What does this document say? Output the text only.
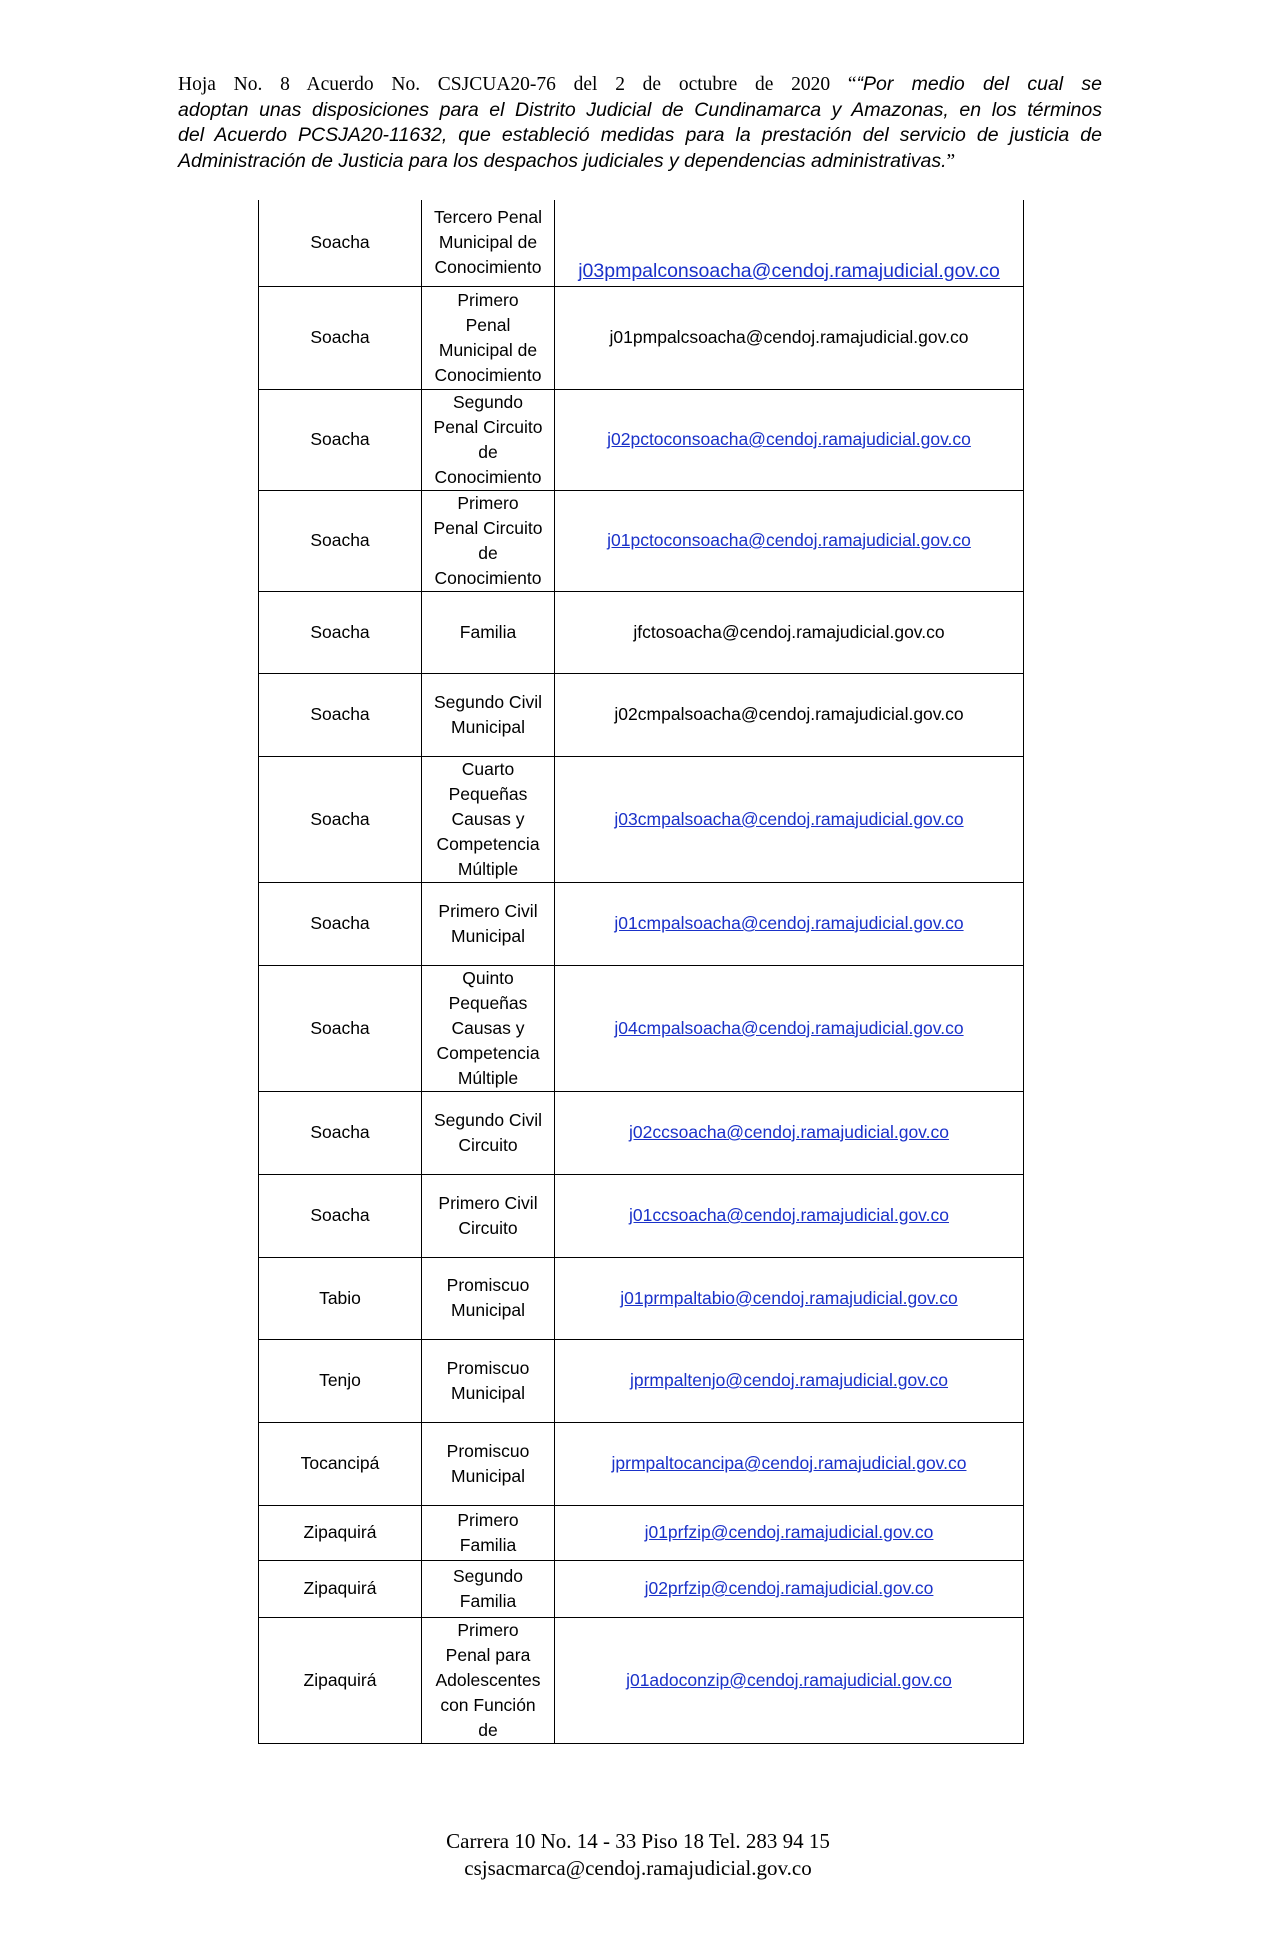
Hoja No. 8 Acuerdo No. CSJCUA20-76 del 2 de octubre de 2020 ““Por medio del cual se
adoptan unas disposiciones para el Distrito Judicial de Cundinamarca y Amazonas, en los términos
del Acuerdo PCSJA20-11632, que estableció medidas para la prestación del servicio de justicia de
Administración de Justicia para los despachos judiciales y dependencias administrativas.”
Soacha	Tercero Penal
Municipal de
Conocimiento	j03pmpalconsoacha@cendoj.ramajudicial.gov.co
Soacha	Primero
Penal
Municipal de
Conocimiento	j01pmpalcsoacha@cendoj.ramajudicial.gov.co
Soacha	Segundo
Penal Circuito
de
Conocimiento	j02pctoconsoacha@cendoj.ramajudicial.gov.co
Soacha	Primero
Penal Circuito
de
Conocimiento	j01pctoconsoacha@cendoj.ramajudicial.gov.co
Soacha	Familia	jfctosoacha@cendoj.ramajudicial.gov.co
Soacha	Segundo Civil
Municipal	j02cmpalsoacha@cendoj.ramajudicial.gov.co
Soacha	Cuarto
Pequeñas
Causas y
Competencia
Múltiple	j03cmpalsoacha@cendoj.ramajudicial.gov.co
Soacha	Primero Civil
Municipal	j01cmpalsoacha@cendoj.ramajudicial.gov.co
Soacha	Quinto
Pequeñas
Causas y
Competencia
Múltiple	j04cmpalsoacha@cendoj.ramajudicial.gov.co
Soacha	Segundo Civil
Circuito	j02ccsoacha@cendoj.ramajudicial.gov.co
Soacha	Primero Civil
Circuito	j01ccsoacha@cendoj.ramajudicial.gov.co
Tabio	Promiscuo
Municipal	j01prmpaltabio@cendoj.ramajudicial.gov.co
Tenjo	Promiscuo
Municipal	jprmpaltenjo@cendoj.ramajudicial.gov.co
Tocancipá	Promiscuo
Municipal	jprmpaltocancipa@cendoj.ramajudicial.gov.co
Zipaquirá	Primero
Familia	j01prfzip@cendoj.ramajudicial.gov.co
Zipaquirá	Segundo
Familia	j02prfzip@cendoj.ramajudicial.gov.co
Zipaquirá	Primero
Penal para
Adolescentes
con Función
de	j01adoconzip@cendoj.ramajudicial.gov.co
Carrera 10 No. 14 - 33 Piso 18 Tel. 283 94 15
csjsacmarca@cendoj.ramajudicial.gov.co
